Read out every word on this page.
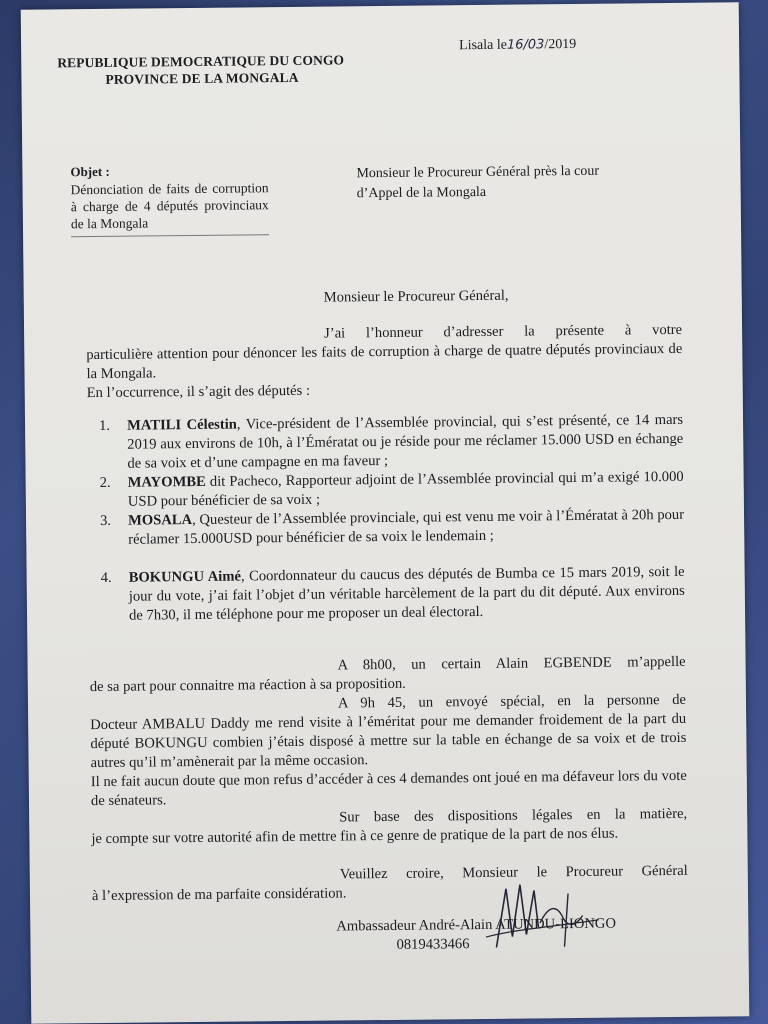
REPUBLIQUE DEMOCRATIQUE DU CONGO
PROVINCE DE LA MONGALA
Lisala le16/03/2019
Objet :
Dénonciation de faits de corruption à charge de 4 députés provinciaux de la Mongala
Monsieur le Procureur Général près la cour d’Appel de la Mongala
Monsieur le Procureur Général,
J’ai l’honneur d’adresser la présente à votre
particulière attention pour dénoncer les faits de corruption à charge de quatre députés provinciaux de la Mongala.
En l’occurrence, il s’agit des députés :
1. MATILI Célestin, Vice-président de l’Assemblée provincial, qui s’est présenté, ce 14 mars 2019 aux environs de 10h, à l’Émératat ou je réside pour me réclamer 15.000 USD en échange de sa voix et d’une campagne en ma faveur ;
2. MAYOMBE dit Pacheco, Rapporteur adjoint de l’Assemblée provincial qui m’a exigé 10.000 USD pour bénéficier de sa voix ;
3. MOSALA, Questeur de l’Assemblée provinciale, qui est venu me voir à l’Émératat à 20h pour réclamer 15.000USD pour bénéficier de sa voix le lendemain ;
4. BOKUNGU Aimé, Coordonnateur du caucus des députés de Bumba ce 15 mars 2019, soit le jour du vote, j’ai fait l’objet d’un véritable harcèlement de la part du dit député. Aux environs de 7h30, il me téléphone pour me proposer un deal électoral.
A 8h00, un certain Alain EGBENDE m’appelle
de sa part pour connaitre ma réaction à sa proposition.
A 9h 45, un envoyé spécial, en la personne de
Docteur AMBALU Daddy me rend visite à l’éméritat pour me demander froidement de la part du député BOKUNGU combien j’étais disposé à mettre sur la table en échange de sa voix et de trois autres qu’il m’amènerait par la même occasion.
Il ne fait aucun doute que mon refus d’accéder à ces 4 demandes ont joué en ma défaveur lors du vote de sénateurs.
Sur base des dispositions légales en la matière,
je compte sur votre autorité afin de mettre fin à ce genre de pratique de la part de nos élus.
Veuillez croire, Monsieur le Procureur Général
à l’expression de ma parfaite considération.
Ambassadeur André-Alain ATUNDU-LIONGO
0819433466
